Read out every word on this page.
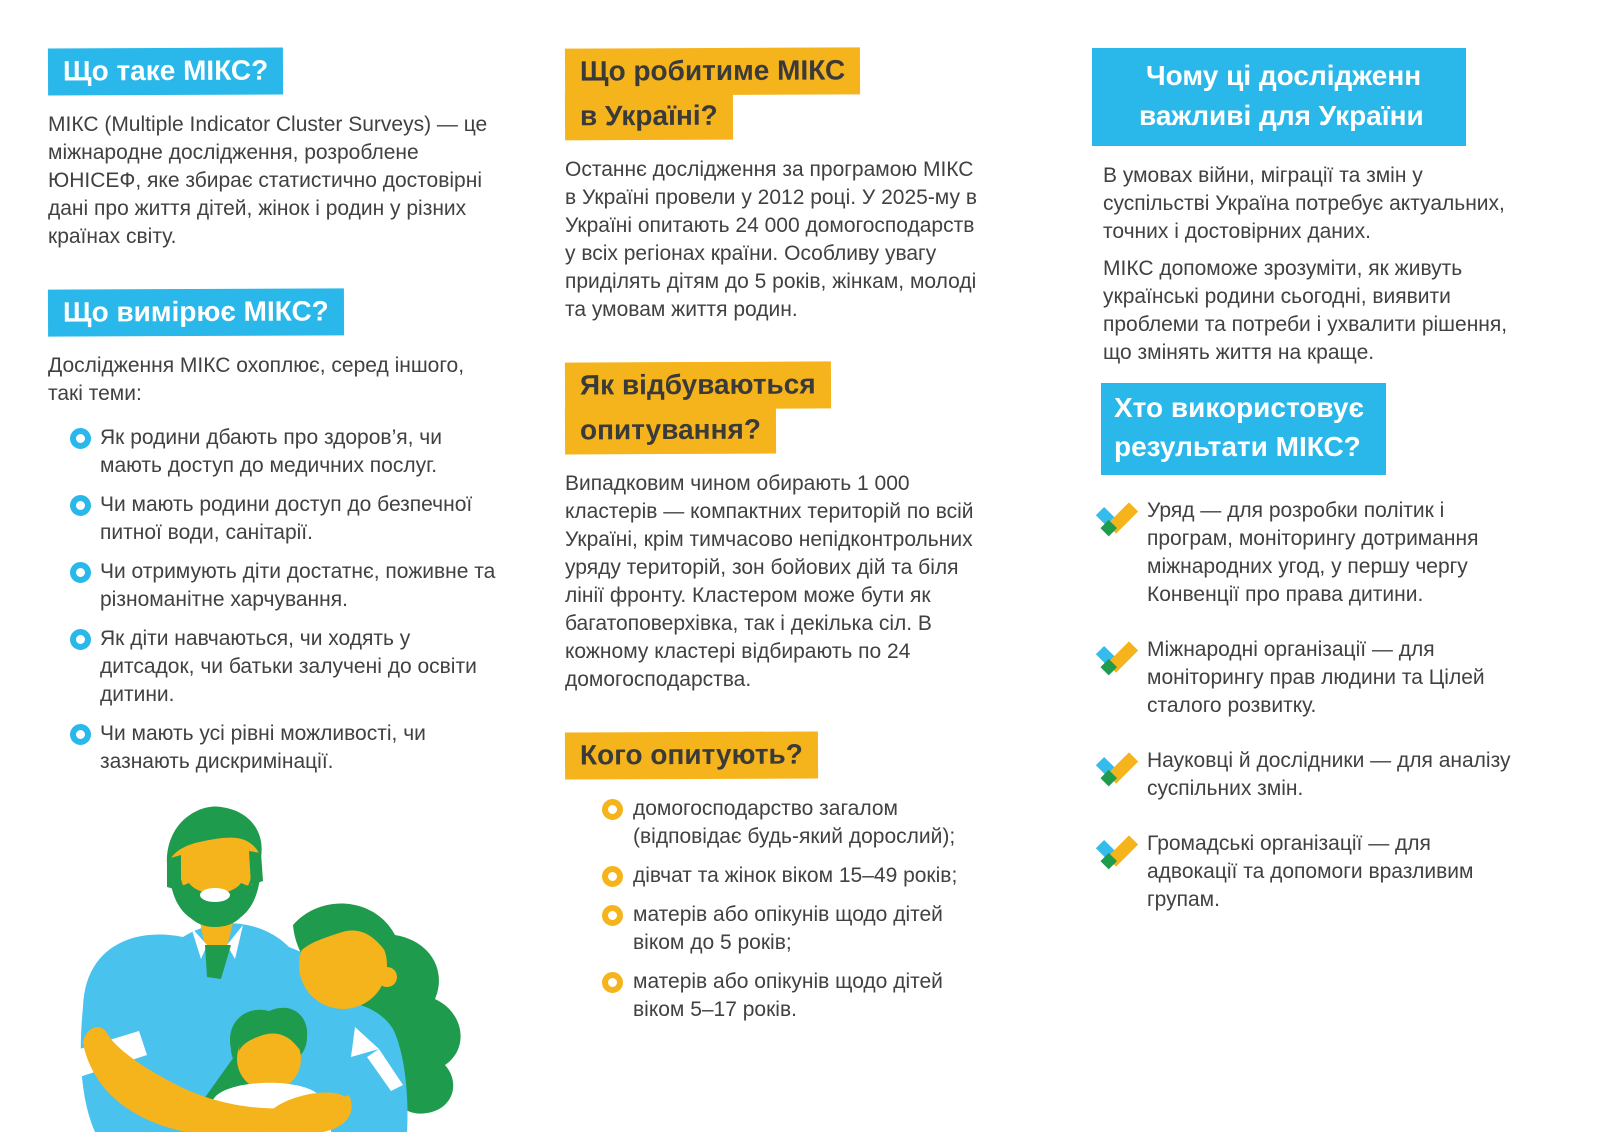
Що таке МІКС?

МІКС (Multiple Indicator Cluster Surveys) — це міжнародне дослідження, розроблене ЮНІСЕФ, яке збирає статистично достовірні дані про життя дітей, жінок і родин у різних країнах світу.

Що вимірює МІКС?

Дослідження МІКС охоплює, серед іншого, такі теми:

Як родини дбають про здоров’я, чи мають доступ до медичних послуг.
Чи мають родини доступ до безпечної питної води, санітарії.
Чи отримують діти достатнє, поживне та різноманітне харчування.
Як діти навчаються, чи ходять у дитсадок, чи батьки залучені до освіти дитини.
Чи мають усі рівні можливості, чи зазнають дискримінації.
Що робитиме МІКС
в Україні?

Останнє дослідження за програмою МІКС в Україні провели у 2012 році. У 2025-му в Україні опитають 24 000 домогосподарств у всіх регіонах країни. Особливу увагу приділять дітям до 5 років, жінкам, молоді та умовам життя родин.

Як відбуваються
опитування?

Випадковим чином обирають 1 000 кластерів — компактних територій по всій Україні, крім тимчасово непідконтрольних уряду територій, зон бойових дій та біля лінії фронту. Кластером може бути як багатоповерхівка, так і декілька сіл. В кожному кластері відбирають по 24 домогосподарства.

Кого опитують?
домогосподарство загалом (відповідає будь-який дорослий);
дівчат та жінок віком 15–49 років;
матерів або опікунів щодо дітей віком до 5 років;
матерів або опікунів щодо дітей віком 5–17 років.
Чому ці дослідженн
важливі для України

В умовах війни, міграції та змін у суспільстві Україна потребує актуальних, точних і достовірних даних.

МІКС допоможе зрозуміти, як живуть українські родини сьогодні, виявити проблеми та потреби і ухвалити рішення, що змінять життя на краще.

Хто використовує
результати МІКС?
Уряд — для розробки політик і програм, моніторингу дотримання міжнародних угод, у першу чергу Конвенції про права дитини.
Міжнародні організації — для моніторингу прав людини та Цілей сталого розвитку.
Науковці й дослідники — для аналізу суспільних змін.
Громадські організації — для адвокації та допомоги вразливим групам.
